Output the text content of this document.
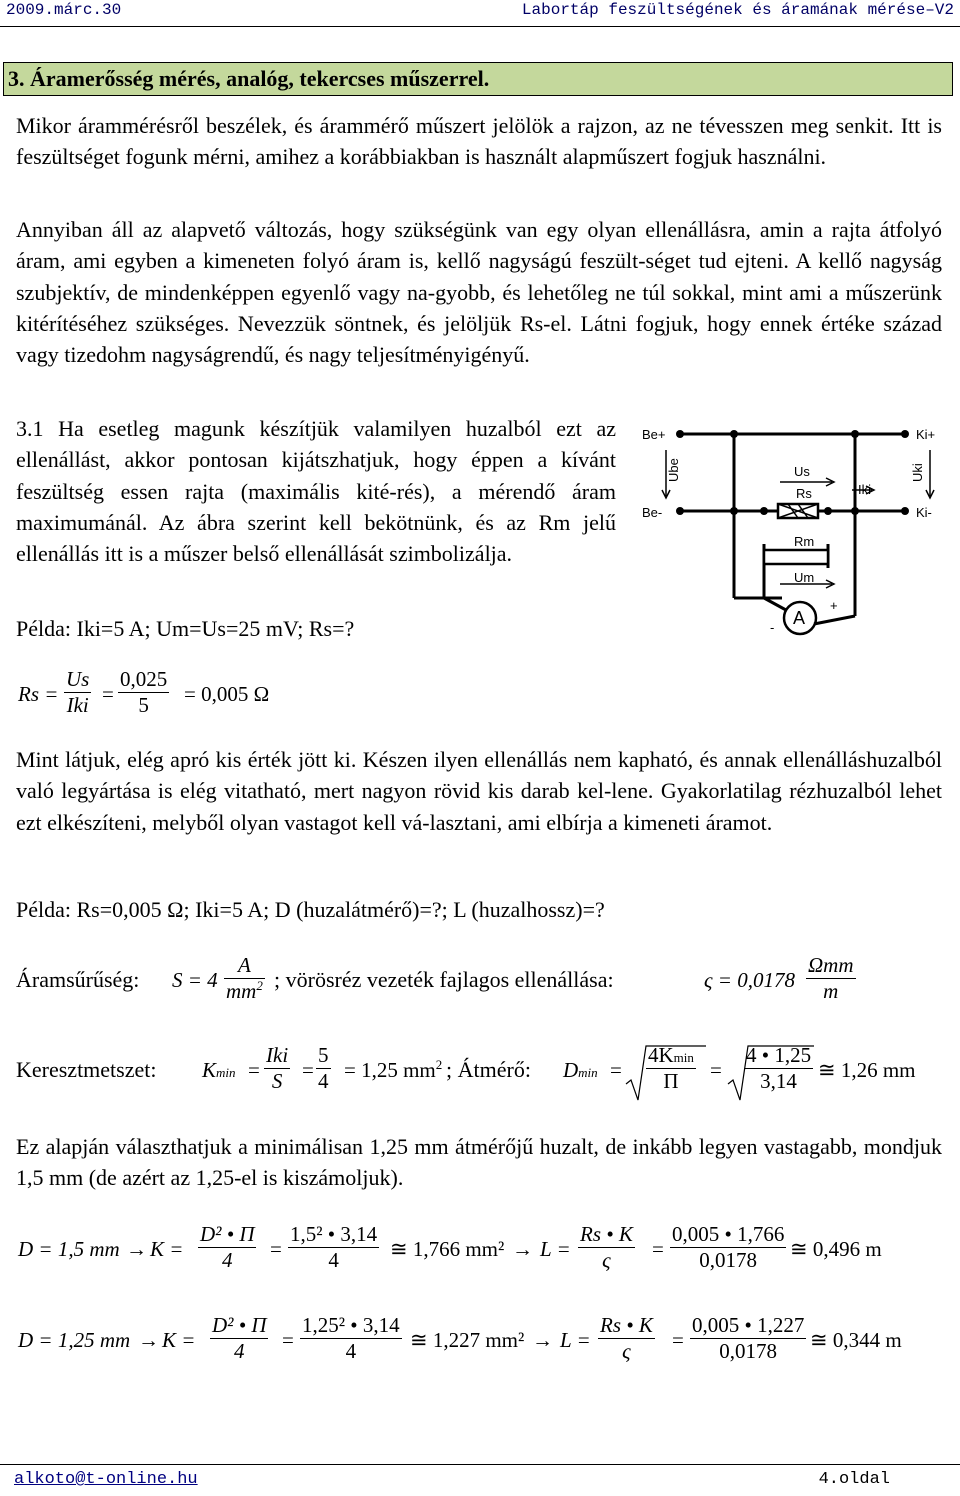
2009.márc.30	Labortáp feszültségének és áramának mérése–V2
3. Áramerősség mérés, analóg, tekercses műszerrel.

Mikor árammérésről beszélek, és árammérő műszert jelölök a rajzon, az ne tévesszen meg senkit. Itt is feszültséget fogunk mérni, amihez a korábbiakban is használt alapműszert fogjuk használni.

Annyiban áll az alapvető változás, hogy szükségünk van egy olyan ellenállásra, amin a rajta átfolyó áram, ami egyben a kimeneten folyó áram is, kellő nagyságú feszült-séget tud ejteni. A kellő nagyság szubjektív, de mindenképpen egyenlő vagy na-gyobb, és lehetőleg ne túl sokkal, mint ami a műszerünk kitérítéséhez szükséges. Nevezzük söntnek, és jelöljük Rs-el. Látni fogjuk, hogy ennek értéke század vagy tizedohm nagyságrendű, és nagy teljesítményigényű.

3.1 Ha esetleg magunk készítjük valamilyen huzalból ezt az ellenállást, akkor pontosan kijátszhatjuk, hogy éppen a kívánt feszültség essen rajta (maximális kité-rés), a mérendő áram maximumánál. Az ábra szerint kell bekötnünk, és az Rm jelű ellenállás itt is a műszer belső ellenállását szimbolizálja.

Példa: Iki=5 A; Um=Us=25 mV; Rs=?

Rs =
Us
Iki = $\frac{0,025}{5} = 0,005$ Ω

Mint látjuk, elég apró kis érték jött ki. Készen ilyen ellenállás nem kapható, és annak ellenálláshuzalból való legyártása is elég vitatható, mert nagyon rövid kis darab kel-lene. Gyakorlatilag rézhuzalból lehet ezt elkészíteni, melyből olyan vastagot kell vá-lasztani, ami elbírja a kimeneti áramot.

Példa: Rs=0,005 Ω; Iki=5 A; D (huzalátmérő)=?; L (huzalhossz)=?

Áramsűrűség: $S = 4 \frac{A}{mm^2}$ ; vörösréz vezeték fajlagos ellenállása:	ς = 0,0178
Ωmm
m
Keresztmetszet: Kmin =
Iki
$S = \frac{5}{4} = 1,25$ $mm^2$ ; Átmérő: Dmin =
4Kmin
Π	= $\frac{4 • 1,25}{3,14}$ ≅ 1,26 mm

Ez alapján választhatjuk a minimálisan 1,25 mm átmérőjű huzalt, de inkább legyen vastagabb, mondjuk 1,5 mm (de azért az 1,25-el is kiszámoljuk).

D = 1,5 mm → $K = \frac{\text{D² • Π}}{4} = \frac{\text{1,5² • 3,14}}{4}$ ≅ 1,766 $mm^2 \to L = \frac{Rs • K}{\varsigma} = \frac{0,005 • 1,766}{0,0178}$ ≅ 0,496 m
D = 1,25 mm → $K = \frac{\text{D² • Π}}{4} = \frac{\text{1,25² • 3,14}}{4}$ ≅ 1,227 $mm^2 \to L = \frac{Rs • K}{\varsigma} = \frac{0,005 • 1,227}{0,0178}$ ≅ 0,344 m
Be+
Be-
Ki+
Ki-
Us
Rs	Iki
Rm
Um
+
-
Ube	Uki
A
alkoto@t-online.hu	4.oldal
